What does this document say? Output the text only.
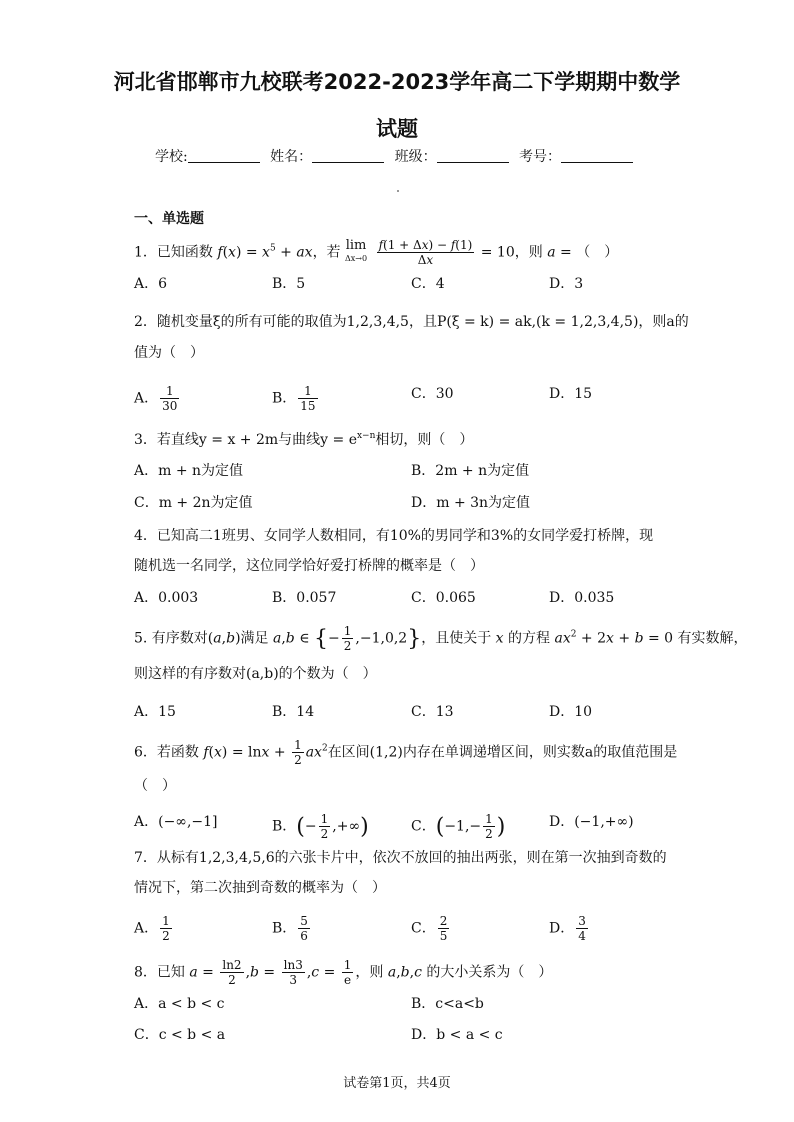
河北省邯郸市九校联考2022-2023学年高二下学期期中数学
试题
学校:	姓名：	班级：	考号：
一、单选题
1．已知函数 $f(x) = x^5$ + ax，若 lim
$\Delta x\to 0 \frac{f(1 + \Delta x) - f(1)}{\Delta x} = 10$，则 a = （　）
A．6	B．5	C．4	D．3
2．随机变量ξ的所有可能的取值为1,2,3,4,5，且P(ξ = k) = ak,(k = 1,2,3,4,5)，则a的
值为（　）
A． $\frac{1}{30}$	B． $\frac{1}{15}$	C．30	D．15
3．若直线y = x + 2m与曲线$y = e^{x-n}$相切，则（　）
A．m + n为定值	B．2m + n为定值
C．m + 2n为定值	D．m + 3n为定值
4．已知高二1班男、女同学人数相同，有10%的男同学和3%的女同学爱打桥牌，现
随机选一名同学，这位同学恰好爱打桥牌的概率是（　）
A．0.003	B．0.057	C．0.065	D．0.035
5. 有序数对(a,b)满足 a,b ∈ {− $\frac{1}{2} ,-1,0,2$}，且使关于 x 的方程 $ax^2 + 2x + b = 0$ 有实数解，
则这样的有序数对(a,b)的个数为（　）
A．15	B．14	C．13	D．10
6．若函数 $f(x) = \ln x + \frac{1}{2} ax^2$在区间(1,2)内存在单调递增区间，则实数a的取值范围是
（　）
A．(−∞,−1]	B．(− $\frac{1}{2}$ ,+∞)	C．($-1,- \frac{1}{2}$ )	D．(−1,+∞)
7．从标有1,2,3,4,5,6的六张卡片中，依次不放回的抽出两张，则在第一次抽到奇数的
情况下，第二次抽到奇数的概率为（　）
A． $\frac{1}{2}$	B． $\frac{5}{6}$	C． $\frac{2}{5}$	D． $\frac{3}{4}$
8．已知 $a = \frac{\ln 2}{2} ,b = \frac{\ln 3}{3} ,c = \frac{1}{e}$ ，则 a,b,c 的大小关系为（　）
A．a < b < c	B．c<a<b
C．c < b < a	D．b < a < c
试卷第1页，共4页
